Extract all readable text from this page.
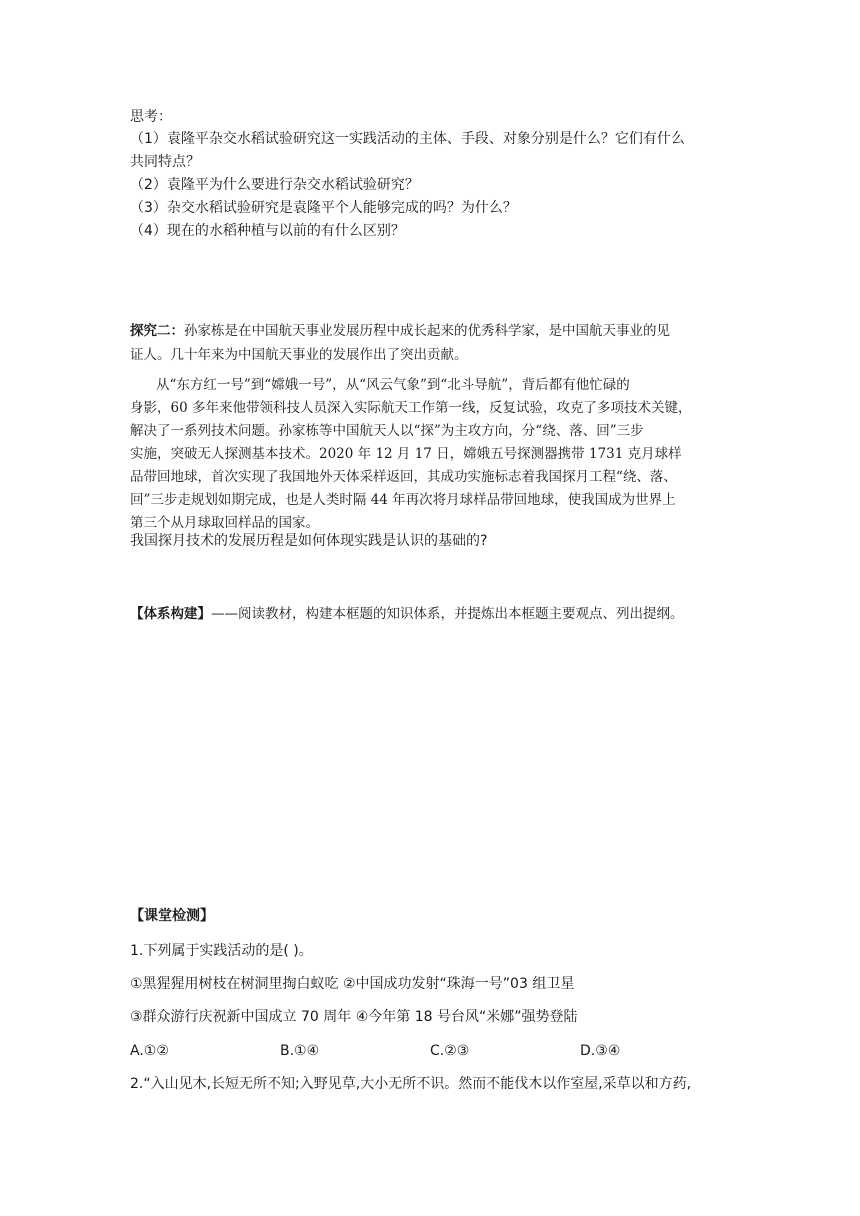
思考：
（1）袁隆平杂交水稻试验研究这一实践活动的主体、手段、对象分别是什么？它们有什么
共同特点？
（2）袁隆平为什么要进行杂交水稻试验研究？
（3）杂交水稻试验研究是袁隆平个人能够完成的吗？为什么？
（4）现在的水稻种植与以前的有什么区别？
探究二：孙家栋是在中国航天事业发展历程中成长起来的优秀科学家，是中国航天事业的见
证人。几十年来为中国航天事业的发展作出了突出贡献。
从“东方红一号”到“嫦娥一号”，从“风云气象”到“北斗导航”，背后都有他忙碌的
身影，60 多年来他带领科技人员深入实际航天工作第一线，反复试验，攻克了多项技术关键，
解决了一系列技术问题。孙家栋等中国航天人以“探”为主攻方向，分“绕、落、回”三步
实施，突破无人探测基本技术。2020 年 12 月 17 日，嫦娥五号探测器携带 1731 克月球样
品带回地球，首次实现了我国地外天体采样返回，其成功实施标志着我国探月工程“绕、落、
回”三步走规划如期完成，也是人类时隔 44 年再次将月球样品带回地球，使我国成为世界上
第三个从月球取回样品的国家。
我国探月技术的发展历程是如何体现实践是认识的基础的?
【体系构建】——阅读教材，构建本框题的知识体系，并提炼出本框题主要观点、列出提纲。
【课堂检测】
1.下列属于实践活动的是( )。
①黑猩猩用树枝在树洞里掏白蚁吃 ②中国成功发射“珠海一号”03 组卫星
③群众游行庆祝新中国成立 70 周年 ④今年第 18 号台风“米娜”强势登陆
A.①②	B.①④	C.②③	D.③④
2.“入山见木,长短无所不知;入野见草,大小无所不识。然而不能伐木以作室屋,采草以和方药,
